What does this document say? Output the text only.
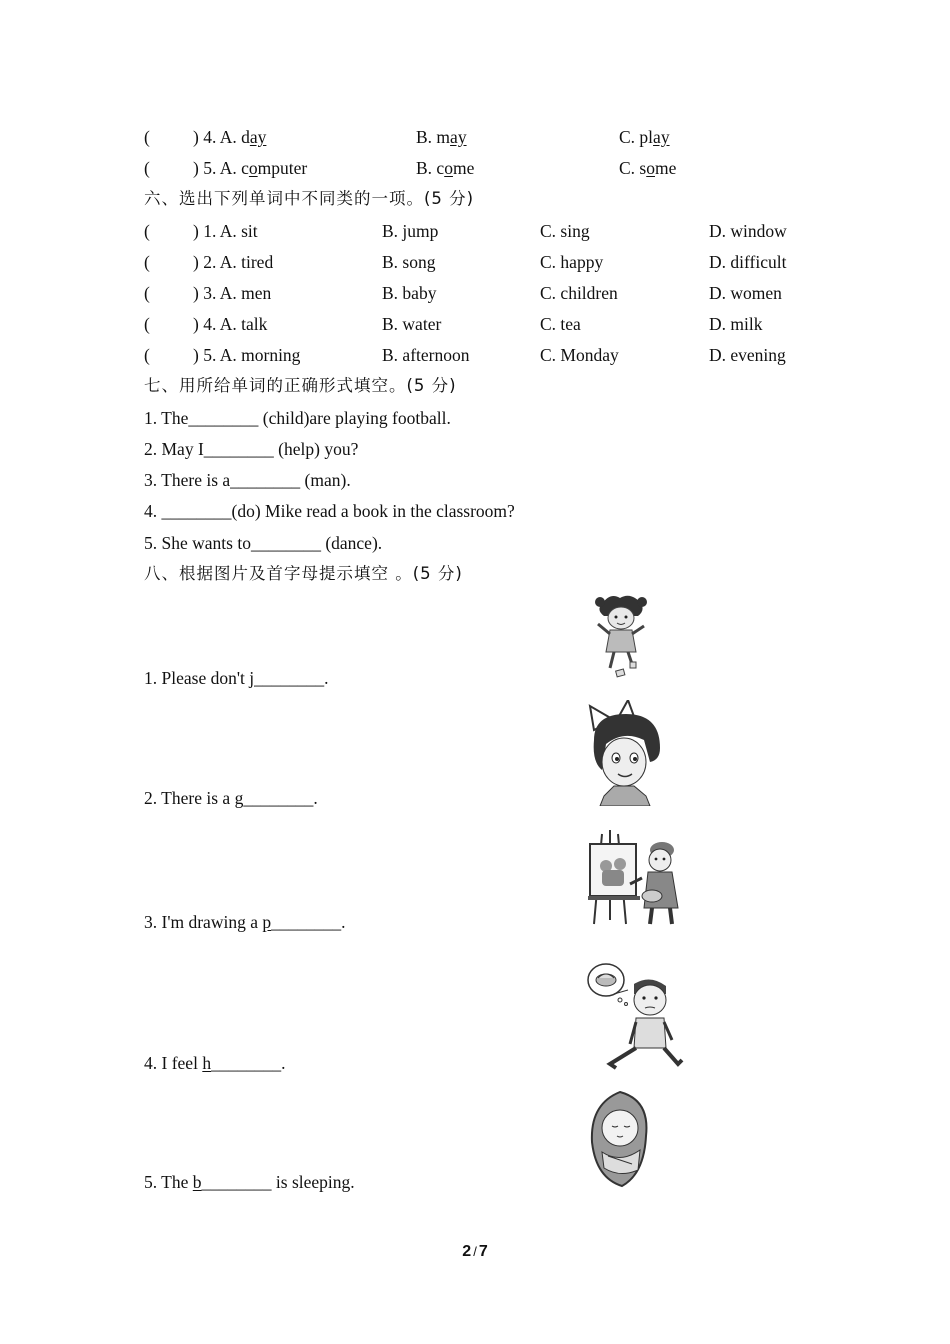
( ) 4. A. day	B. may	C. play
( ) 5. A. computer	B. come	C. some
六、选出下列单词中不同类的一项。(5 分)
( ) 1. A. sit	B. jump	C. sing	D. window
( ) 2. A. tired	B. song	C. happy	D. difficult
( ) 3. A. men	B. baby	C. children	D. women
( ) 4. A. talk	B. water	C. tea	D. milk
( ) 5. A. morning	B. afternoon	C. Monday	D. evening
七、用所给单词的正确形式填空。(5 分)
1. The________ (child)are playing football.
2. May I________ (help) you?
3. There is a________ (man).
4. ________(do) Mike read a book in the classroom?
5. She wants to________ (dance).
八、根据图片及首字母提示填空 。(5 分)
1. Please don't j________.
2. There is a g________.
3. I'm drawing a p________.
4. I feel h________.
5. The b________ is sleeping.
2 / 7
